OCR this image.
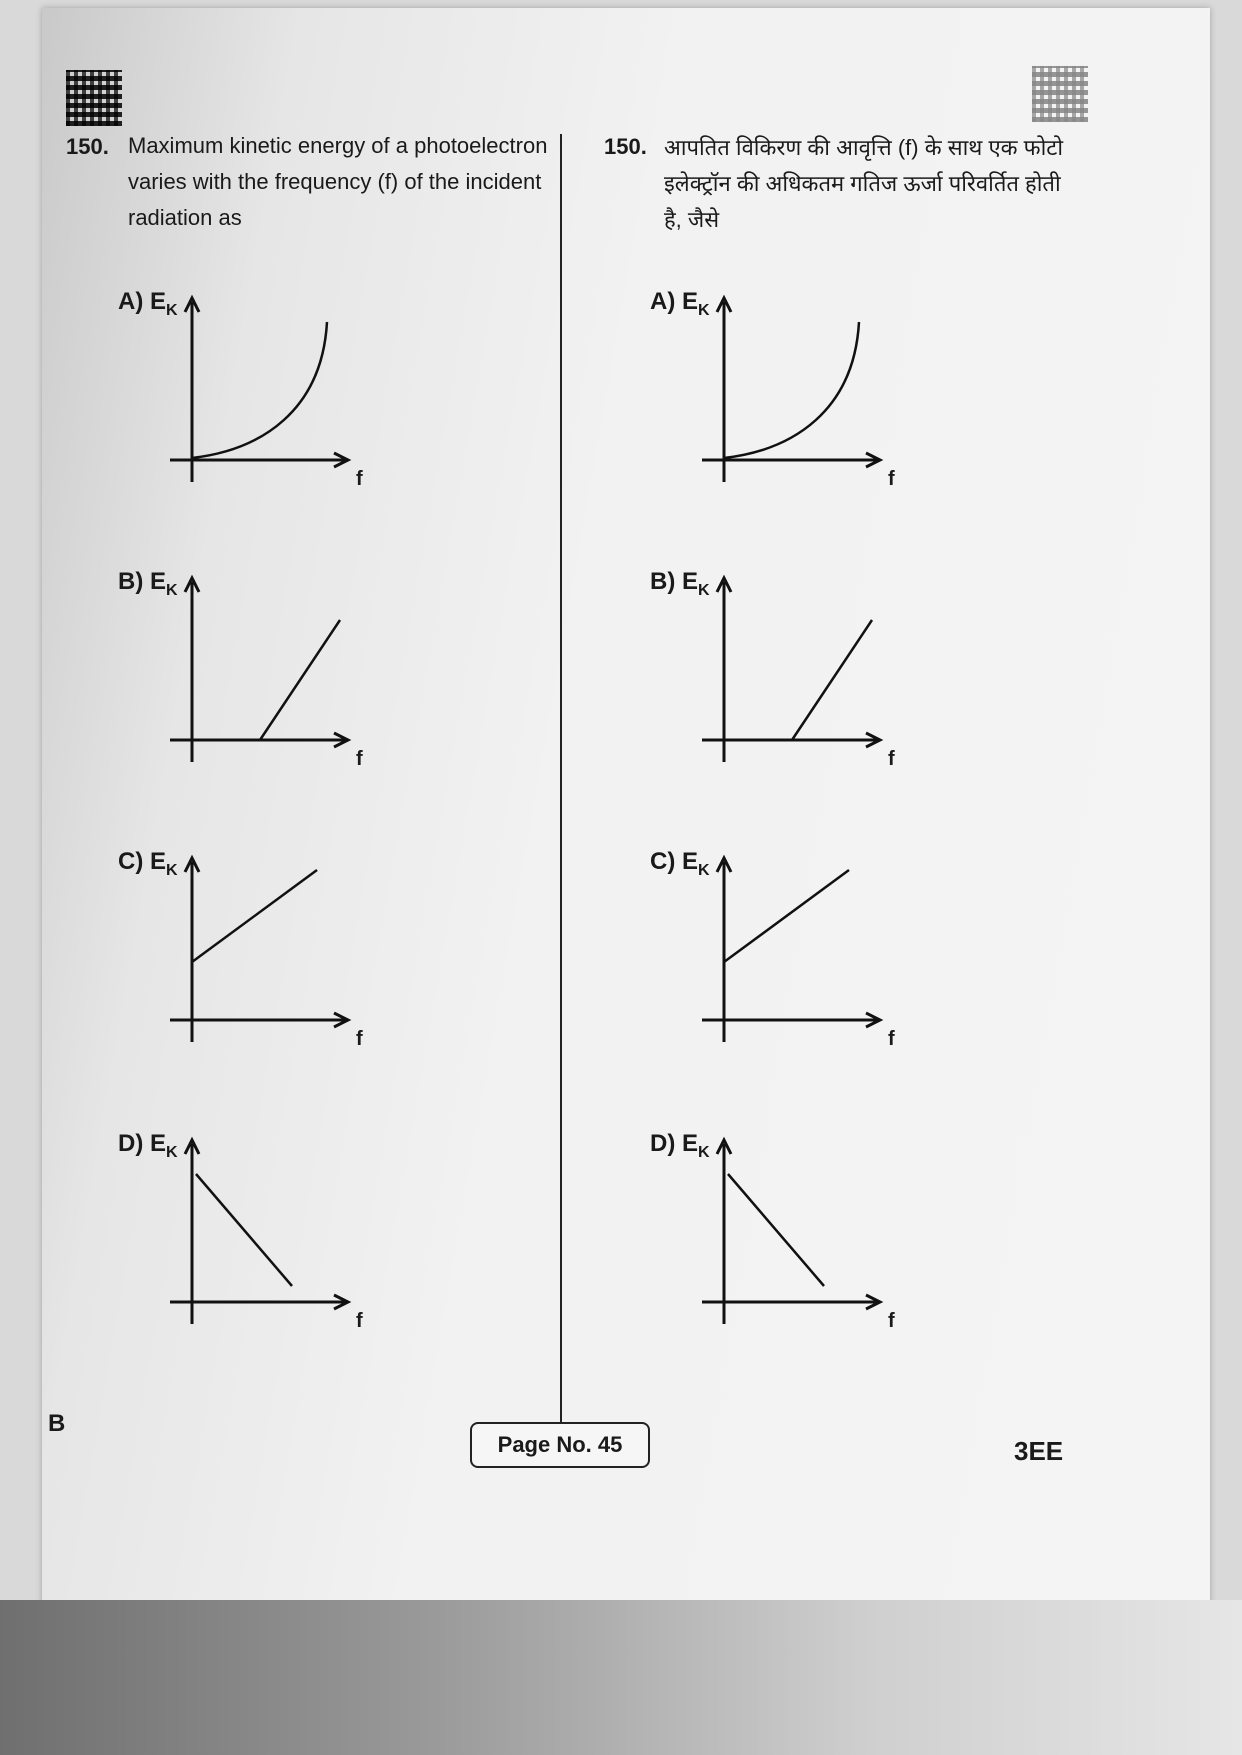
150. Maximum kinetic energy of a photoelectron varies with the frequency (f) of the incident radiation as
150. आपतित विकिरण की आवृत्ति (f) के साथ एक फोटो इलेक्ट्रॉन की अधिकतम गतिज ऊर्जा परिवर्तित होती है, जैसे
A) $E_K$
f
B) $E_K$
f
C) $E_K$
f
D) $E_K$
f
A) $E_K$
f
B) $E_K$
f
C) $E_K$
f
D) $E_K$
f
B
Page No. 45	3EE
